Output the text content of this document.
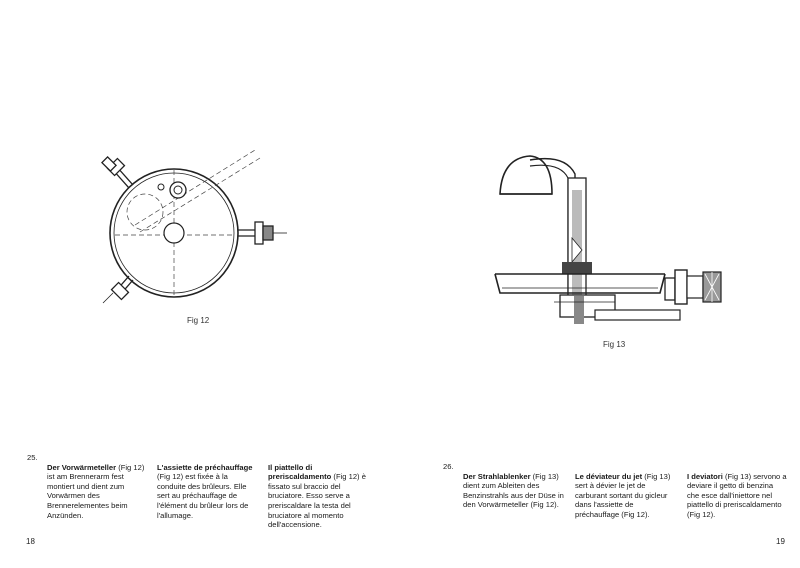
Fig 12
Fig 13
25.

Der Vorwärmeteller (Fig 12) ist am Brennerarm fest montiert und dient zum Vorwärmen des Brennerelementes beim Anzünden.

L'assiette de préchauffage (Fig 12) est fixée à la conduite des brûleurs. Elle sert au préchauffage de l'élément du brûleur lors de l'allumage.

Il piattello di preriscaldamento (Fig 12) è fissato sul braccio del bruciatore. Esso serve a preriscaldare la testa del bruciatore al momento dell'accensione.

18
26.

Der Strahlablenker (Fig 13) dient zum Ableiten des Benzinstrahls aus der Düse in den Vorwärmeteller (Fig 12).

Le déviateur du jet (Fig 13) sert à dévier le jet de carburant sortant du gicleur dans l'assiette de préchauffage (Fig 12).

I deviatori (Fig 13) servono a deviare il getto di benzina che esce dall'iniettore nel piattello di preriscaldamento (Fig 12).

19
